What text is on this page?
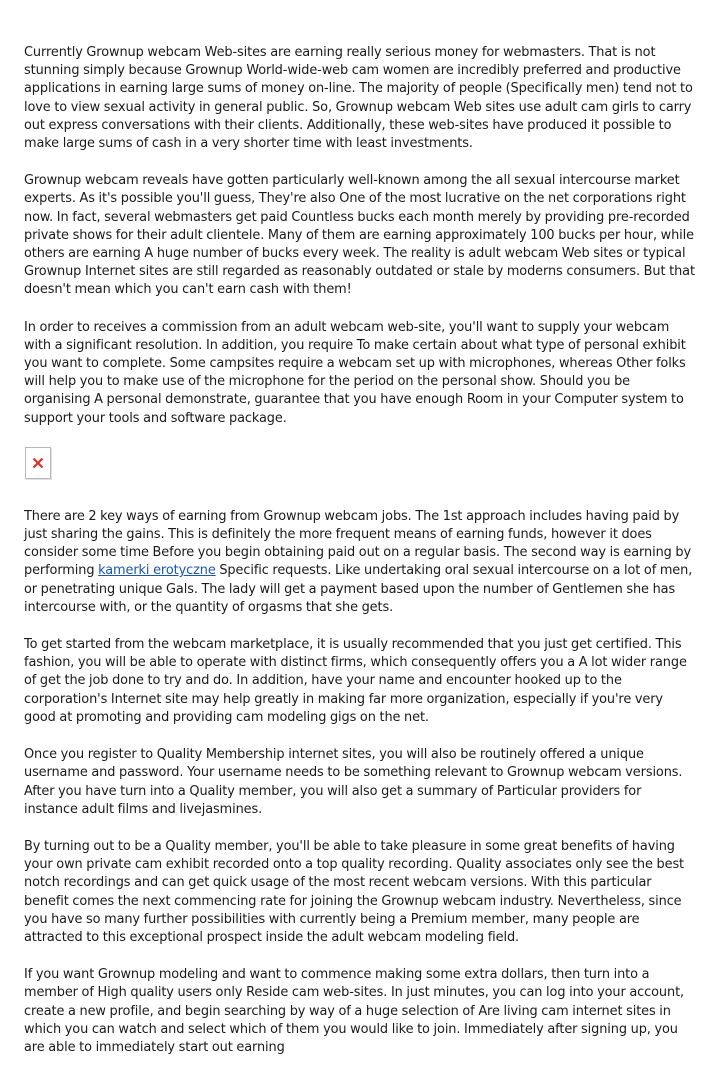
Currently Grownup webcam Web-sites are earning really serious money for webmasters. That is not stunning simply because Grownup World-wide-web cam women are incredibly preferred and productive applications in earning large sums of money on-line. The majority of people (Specifically men) tend not to love to view sexual activity in general public. So, Grownup webcam Web sites use adult cam girls to carry out express conversations with their clients. Additionally, these web-sites have produced it possible to make large sums of cash in a very shorter time with least investments.

Grownup webcam reveals have gotten particularly well-known among the all sexual intercourse market experts. As it's possible you'll guess, They're also One of the most lucrative on the net corporations right now. In fact, several webmasters get paid Countless bucks each month merely by providing pre-recorded private shows for their adult clientele. Many of them are earning approximately 100 bucks per hour, while others are earning A huge number of bucks every week. The reality is adult webcam Web sites or typical Grownup Internet sites are still regarded as reasonably outdated or stale by moderns consumers. But that doesn't mean which you can't earn cash with them!

In order to receives a commission from an adult webcam web-site, you'll want to supply your webcam with a significant resolution. In addition, you require To make certain about what type of personal exhibit you want to complete. Some campsites require a webcam set up with microphones, whereas Other folks will help you to make use of the microphone for the period on the personal show. Should you be organising A personal demonstrate, guarantee that you have enough Room in your Computer system to support your tools and software package.

There are 2 key ways of earning from Grownup webcam jobs. The 1st approach includes having paid by just sharing the gains. This is definitely the more frequent means of earning funds, however it does consider some time Before you begin obtaining paid out on a regular basis. The second way is earning by performing kamerki erotyczne Specific requests. Like undertaking oral sexual intercourse on a lot of men, or penetrating unique Gals. The lady will get a payment based upon the number of Gentlemen she has intercourse with, or the quantity of orgasms that she gets.

To get started from the webcam marketplace, it is usually recommended that you just get certified. This fashion, you will be able to operate with distinct firms, which consequently offers you a A lot wider range of get the job done to try and do. In addition, have your name and encounter hooked up to the corporation's Internet site may help greatly in making far more organization, especially if you're very good at promoting and providing cam modeling gigs on the net.

Once you register to Quality Membership internet sites, you will also be routinely offered a unique username and password. Your username needs to be something relevant to Grownup webcam versions. After you have turn into a Quality member, you will also get a summary of Particular providers for instance adult films and livejasmines.

By turning out to be a Quality member, you'll be able to take pleasure in some great benefits of having your own private cam exhibit recorded onto a top quality recording. Quality associates only see the best notch recordings and can get quick usage of the most recent webcam versions. With this particular benefit comes the next commencing rate for joining the Grownup webcam industry. Nevertheless, since you have so many further possibilities with currently being a Premium member, many people are attracted to this exceptional prospect inside the adult webcam modeling field.

If you want Grownup modeling and want to commence making some extra dollars, then turn into a member of High quality users only Reside cam web-sites. In just minutes, you can log into your account, create a new profile, and begin searching by way of a huge selection of Are living cam internet sites in which you can watch and select which of them you would like to join. Immediately after signing up, you are able to immediately start out earning
